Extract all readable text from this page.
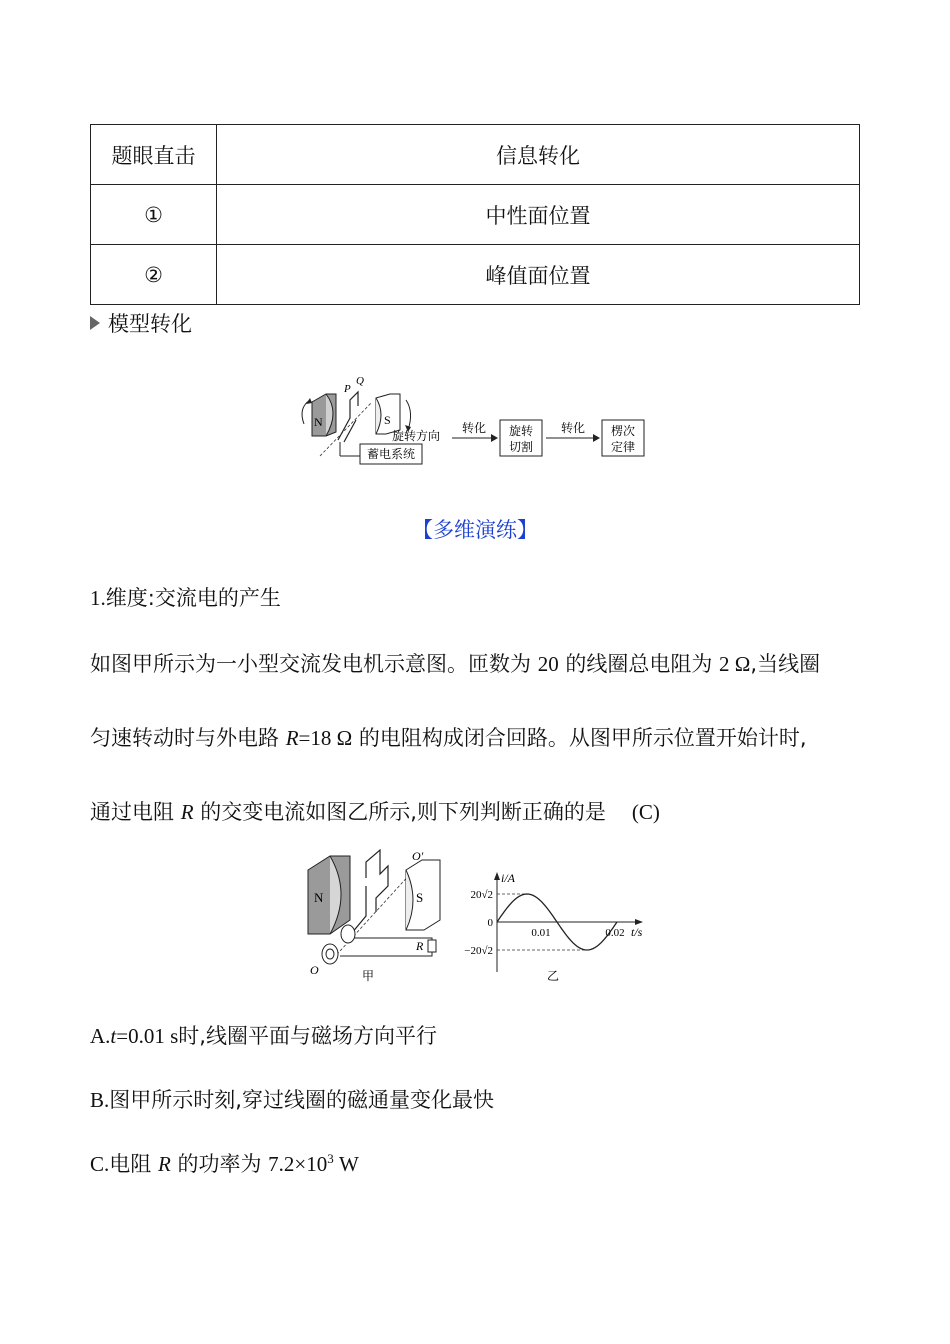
题眼直击	信息转化
①	中性面位置
②	峰值面位置
模型转化
N
P
Q
S
蓄电系统
旋转方向
转化 旋转
切割
转化 楞次
定律
【多维演练】
1.维度:交流电的产生
如图甲所示为一小型交流发电机示意图。匝数为 20 的线圈总电阻为 2 Ω,当线圈
匀速转动时与外电路 R=18 Ω 的电阻构成闭合回路。从图甲所示位置开始计时,
通过电阻 R 的交变电流如图乙所示,则下列判断正确的是 (C)
N
O′
S
O
R
甲
i/A
t/s
20√2
0
−20√2
0.01	0.02
乙
A.t=0.01 s时,线圈平面与磁场方向平行
B.图甲所示时刻,穿过线圈的磁通量变化最快
C.电阻 R 的功率为 $7.2\times 10^3$ W
